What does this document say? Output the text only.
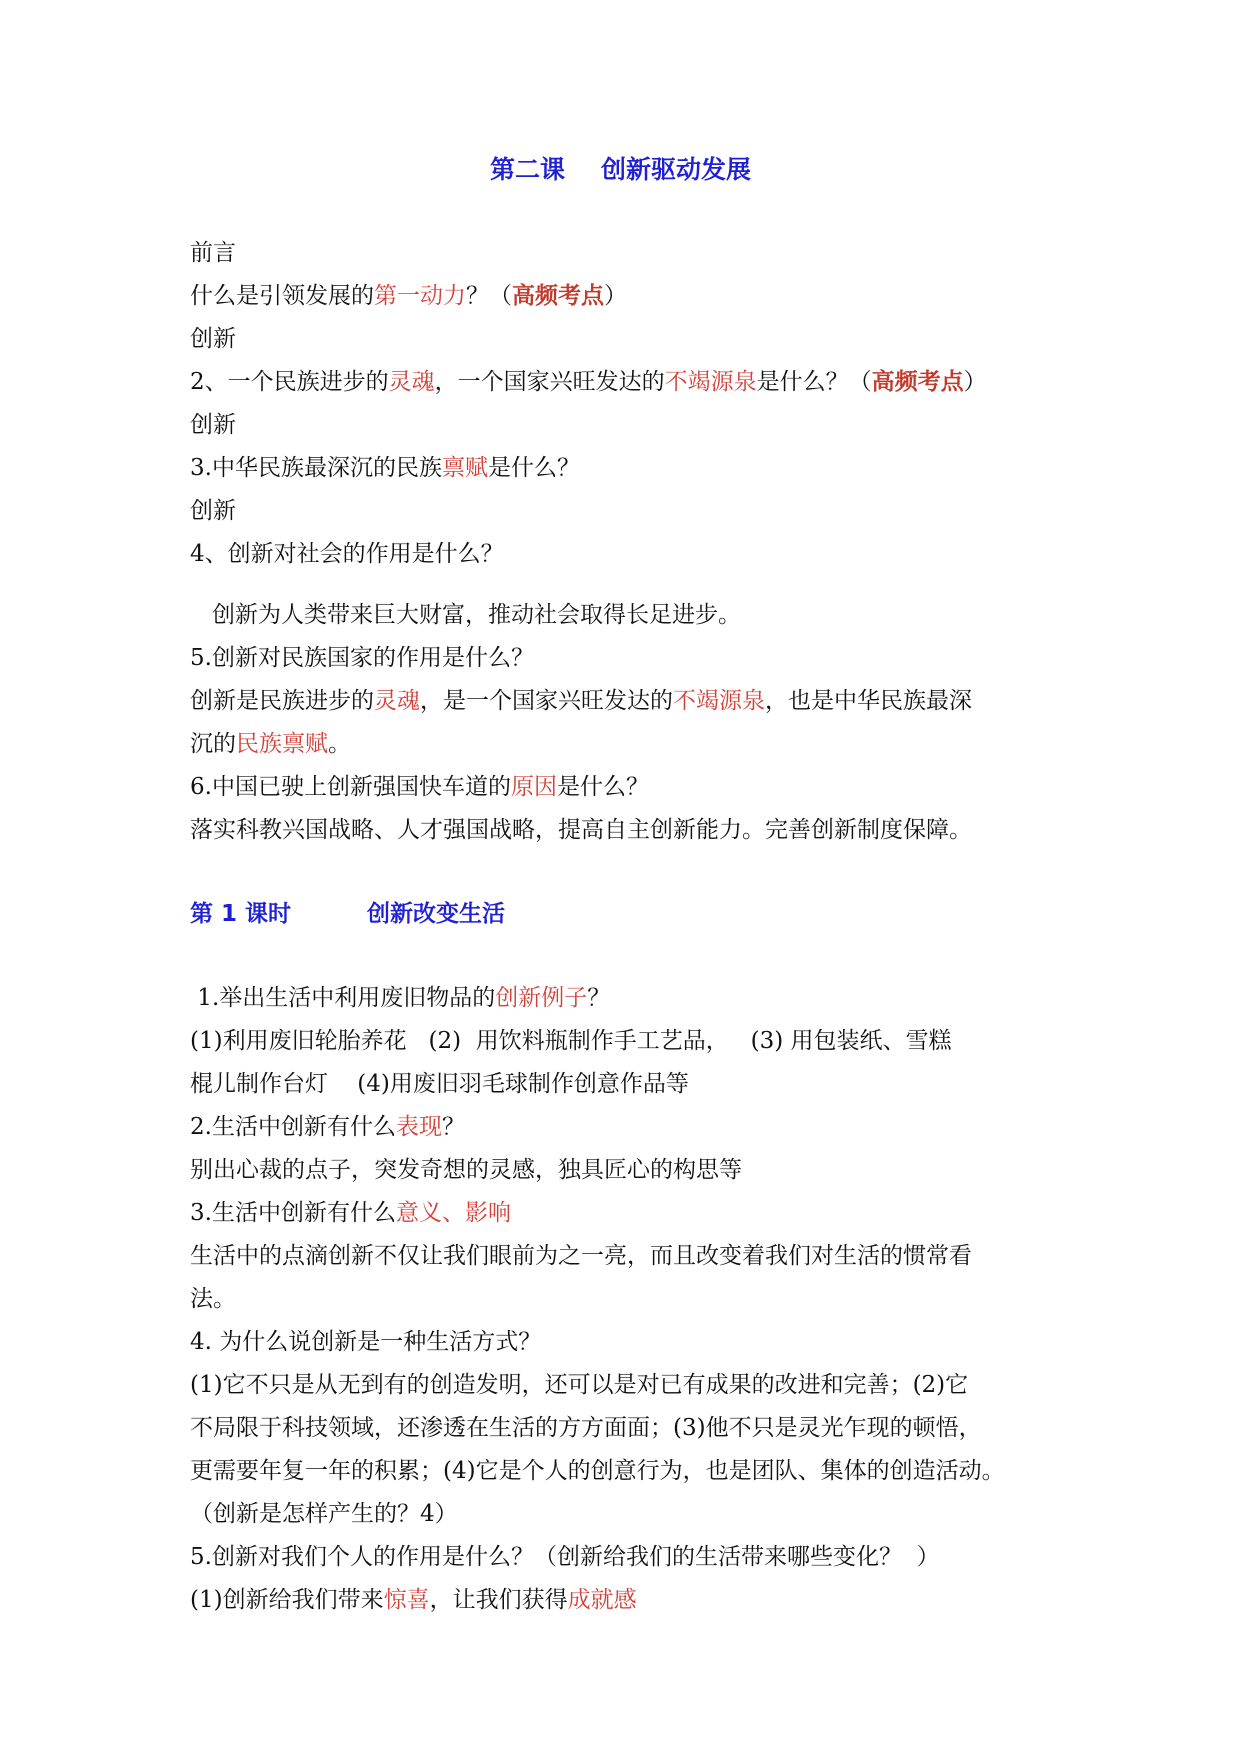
第二课 创新驱动发展
前言
什么是引领发展的第一动力？（高频考点）
创新
2、一个民族进步的灵魂，一个国家兴旺发达的不竭源泉是什么？（高频考点）
创新
3.中华民族最深沉的民族禀赋是什么？
创新
4、创新对社会的作用是什么？
创新为人类带来巨大财富，推动社会取得长足进步。
5.创新对民族国家的作用是什么？
创新是民族进步的灵魂，是一个国家兴旺发达的不竭源泉，也是中华民族最深
沉的民族禀赋。
6.中国已驶上创新强国快车道的原因是什么？
落实科教兴国战略、人才强国战略，提高自主创新能力。完善创新制度保障。
第 1 课时	创新改变生活
1.举出生活中利用废旧物品的创新例子？
(1)利用废旧轮胎养花   (2)  用饮料瓶制作手工艺品，   (3) 用包装纸、雪糕
棍儿制作台灯    (4)用废旧羽毛球制作创意作品等
2.生活中创新有什么表现？
别出心裁的点子，突发奇想的灵感，独具匠心的构思等
3.生活中创新有什么意义、影响
生活中的点滴创新不仅让我们眼前为之一亮，而且改变着我们对生活的惯常看
法。
4. 为什么说创新是一种生活方式？
(1)它不只是从无到有的创造发明，还可以是对已有成果的改进和完善；(2)它
不局限于科技领域，还渗透在生活的方方面面；(3)他不只是灵光乍现的顿悟，
更需要年复一年的积累；(4)它是个人的创意行为，也是团队、集体的创造活动。
（创新是怎样产生的？4）
5.创新对我们个人的作用是什么？（创新给我们的生活带来哪些变化？  ）
(1)创新给我们带来惊喜，让我们获得成就感
